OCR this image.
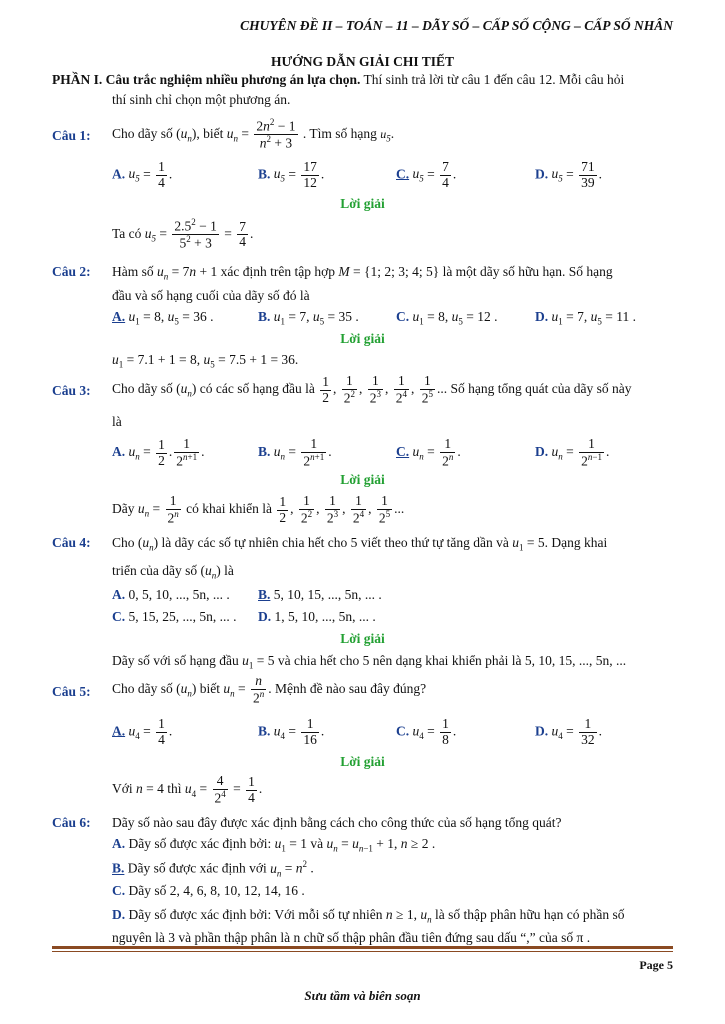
CHUYÊN ĐỀ II – TOÁN – 11 – DÃY SỐ – CẤP SỐ CỘNG – CẤP SỐ NHÂN
HƯỚNG DẪN GIẢI CHI TIẾT
PHẦN I. Câu trắc nghiệm nhiều phương án lựa chọn. Thí sinh trả lời từ câu 1 đến câu 12. Mỗi câu hỏi
thí sinh chỉ chọn một phương án.
Câu 1: Cho dãy số $(u_n)$, biết $u_n = \frac{2n^2 - 1}{n^2 + 3}$ . Tìm số hạng $u_5$.
A. $u_5 = \frac{1}{4}$ .	B. $u_5 = \frac{17}{12}$ .	C. $u_5 = \frac{7}{4}$ .	D. $u_5 = \frac{71}{39}$ .
Lời giải
Ta có $u_5 = \frac{2.5^2 - 1}{5^2 + 3} = \frac{7}{4}$ .
Câu 2: Hàm số $u_n = 7n + 1$ xác định trên tập hợp M = {1; 2; 3; 4; 5} là một dãy số hữu hạn. Số hạng
đầu và số hạng cuối của dãy số đó là
A. $u_1 = 8$, $u_5 = 36$ .	B. $u_1 = 7$, $u_5 = 35$ .	C. $u_1 = 8$, $u_5 = 12$ .	D. $u_1 = 7$, $u_5 = 11$ .
Lời giải
$u_1 = 7.1 + 1 = 8$, $u_5 = 7.5 + 1 = 36$.
Câu 3: Cho dãy số $(u_n)$ có các số hạng đầu là $\frac{1}{2}$ , $\frac{1}{2^2}$ , $\frac{1}{2^3}$ , $\frac{1}{2^4}$ , $\frac{1}{2^5}$ ... Số hạng tổng quát của dãy số này
là
A. $u_n = \frac{1}{2}$ . $\frac{1}{2^{n+1}}$ .	B. $u_n = \frac{1}{2^{n+1}}$ .	C. $u_n = \frac{1}{2^n}$ .	D. $u_n = \frac{1}{2^{n-1}}$ .
Lời giải
Dãy $u_n = \frac{1}{2^n}$ có khai khiển là $\frac{1}{2}$ , $\frac{1}{2^2}$ , $\frac{1}{2^3}$ , $\frac{1}{2^4}$ , $\frac{1}{2^5}$ ...
Câu 4: Cho $(u_n)$ là dãy các số tự nhiên chia hết cho 5 viết theo thứ tự tăng dần và $u_1 = 5$. Dạng khai
triển của dãy số $(u_n)$ là
A. 0, 5, 10, ..., 5n, ... . B. 5, 10, 15, ..., 5n, ... .
C. 5, 15, 25, ..., 5n, ... . D. 1, 5, 10, ..., 5n, ... .
Lời giải
Dãy số với số hạng đầu $u_1 = 5$ và chia hết cho 5 nên dạng khai khiển phải là 5, 10, 15, ..., 5n, ...
Câu 5: Cho dãy số $(u_n)$ biết $u_n = \frac{n}{2^n}$ . Mệnh đề nào sau đây đúng?
A. $u_4 = \frac{1}{4}$ .	B. $u_4 = \frac{1}{16}$ .	C. $u_4 = \frac{1}{8}$ .	D. $u_4 = \frac{1}{32}$ .
Lời giải
Với n = 4 thì $u_4 = \frac{4}{2^4} = \frac{1}{4}$ .
Câu 6: Dãy số nào sau đây được xác định bằng cách cho công thức của số hạng tổng quát?
A. Dãy số được xác định bởi: $u_1 = 1$ và $u_n = u_{n-1} + 1$, n ≥ 2 .
B. Dãy số được xác định với $u_n = n^2$ .
C. Dãy số 2, 4, 6, 8, 10, 12, 14, 16 .
D. Dãy số được xác định bởi: Với mỗi số tự nhiên n ≥ 1, $u_n$ là số thập phân hữu hạn có phần số
nguyên là 3 và phần thập phân là n chữ số thập phân đầu tiên đứng sau dấu “,” của số π .
Page 5
Sưu tầm và biên soạn
